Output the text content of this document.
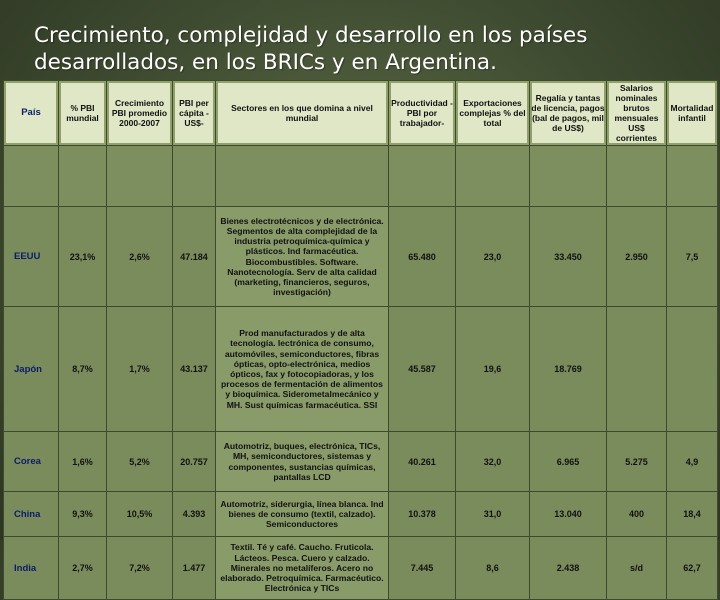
Crecimiento, complejidad y desarrollo en los países desarrollados, en los BRICs y en Argentina.
País	% PBI mundial	Crecimiento PBI promedio 2000-2007	PBI per cápita - US$-	Sectores en los que domina a nivel mundial	Productividad - PBI por trabajador-	Exportaciones complejas % del total	Regalía y tantas de licencia, pagos (bal de pagos, mil de US$)	Salarios nominales brutos mensuales US$ corrientes	Mortalidad infantil

EEUU	23,1%	2,6%	47.184	Bienes electrotécnicos y de electrónica. Segmentos de alta complejidad de la industria petroquímica-química y plásticos. Ind farmacéutica. Biocombustibles. Software. Nanotecnología. Serv de alta calidad (marketing, financieros, seguros, investigación)	65.480	23,0	33.450	2.950	7,5
Japón	8,7%	1,7%	43.137	Prod manufacturados y de alta tecnología. lectrónica de consumo, automóviles, semiconductores, fibras ópticas, opto-electrónica, medios ópticos, fax y fotocopiadoras, y los procesos de fermentación de alimentos y bioquímica. Siderometalmecánico y MH. Sust químicas farmacéutica. SSI	45.587	19,6	18.769		
Corea	1,6%	5,2%	20.757	Automotriz, buques, electrónica, TICs, MH, semiconductores, sistemas y componentes, sustancias químicas, pantallas LCD	40.261	32,0	6.965	5.275	4,9
China	9,3%	10,5%	4.393	Automotriz, siderurgia, línea blanca. Ind bienes de consumo (textil, calzado). Semiconductores	10.378	31,0	13.040	400	18,4
India	2,7%	7,2%	1.477	Textil. Té y café. Caucho. Fruticola. Lácteos. Pesca. Cuero y calzado. Minerales no metalíferos. Acero no elaborado. Petroquímica. Farmacéutico. Electrónica y TICs	7.445	8,6	2.438	s/d	62,7
